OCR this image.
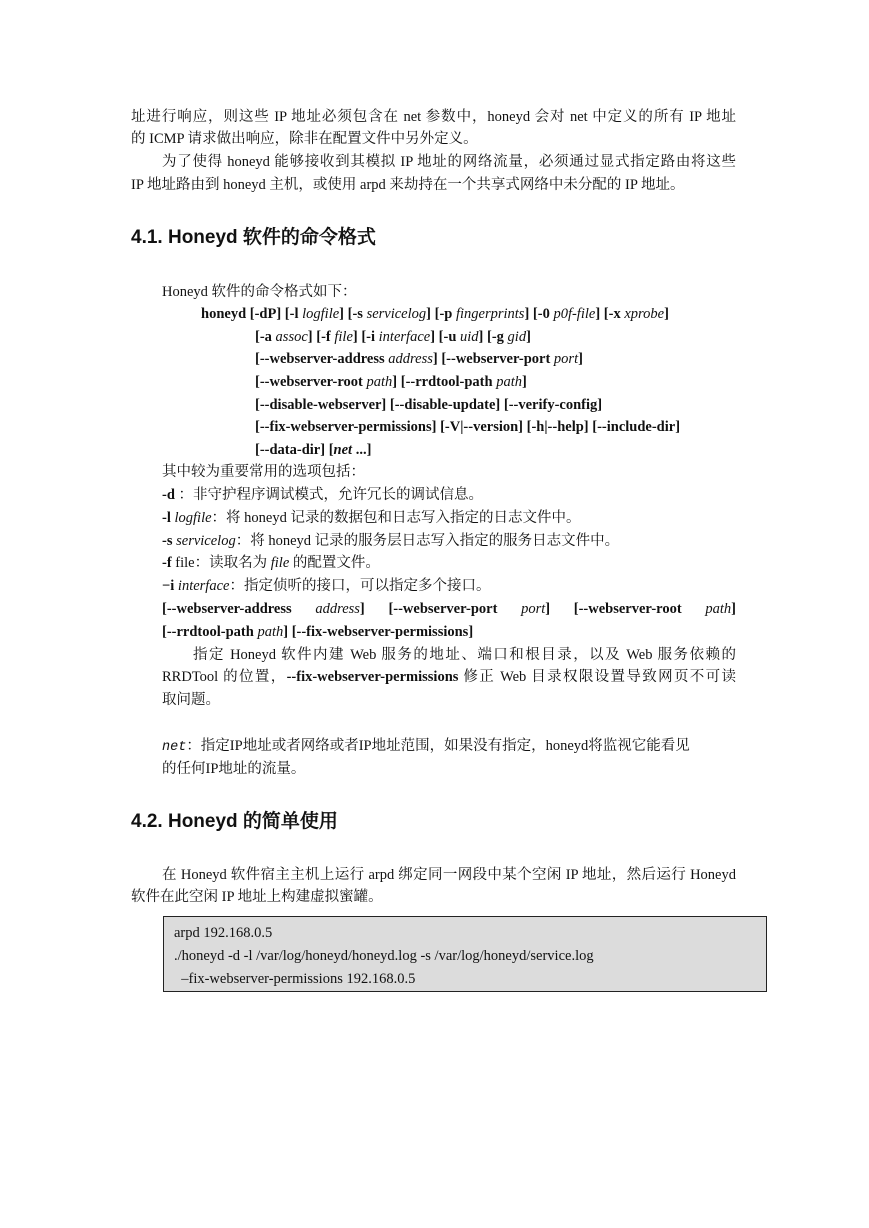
址进行响应，则这些 IP 地址必须包含在 net 参数中，honeyd 会对 net 中定义的所有 IP 地址
的 ICMP 请求做出响应，除非在配置文件中另外定义。
为了使得 honeyd 能够接收到其模拟 IP 地址的网络流量，必须通过显式指定路由将这些
IP 地址路由到 honeyd 主机，或使用 arpd 来劫持在一个共享式网络中未分配的 IP 地址。
4.1. Honeyd 软件的命令格式
Honeyd 软件的命令格式如下：
honeyd [-dP] [-l logfile] [-s servicelog] [-p fingerprints] [-0 p0f-file] [-x xprobe]
[-a assoc] [-f file] [-i interface] [-u uid] [-g gid]
[--webserver-address address] [--webserver-port port]
[--webserver-root path] [--rrdtool-path path]
[--disable-webserver] [--disable-update] [--verify-config]
[--fix-webserver-permissions] [-V|--version] [-h|--help] [--include-dir]
[--data-dir] [net ...]
其中较为重要常用的选项包括：
-d ：非守护程序调试模式，允许冗长的调试信息。
-l logfile：将 honeyd 记录的数据包和日志写入指定的日志文件中。
-s servicelog：将 honeyd 记录的服务层日志写入指定的服务日志文件中。
-f file：读取名为 file 的配置文件。
−i interface：指定侦听的接口，可以指定多个接口。
[--webserver-address address] [--webserver-port port] [--webserver-root path]
[--rrdtool-path path] [--fix-webserver-permissions]
指定 Honeyd 软件内建 Web 服务的地址、端口和根目录，以及 Web 服务依赖的
RRDTool 的位置，--fix-webserver-permissions 修正 Web 目录权限设置导致网页不可读
取问题。
net：指定IP地址或者网络或者IP地址范围，如果没有指定，honeyd将监视它能看见
的任何IP地址的流量。
4.2. Honeyd 的简单使用
在 Honeyd 软件宿主主机上运行 arpd 绑定同一网段中某个空闲 IP 地址，然后运行 Honeyd
软件在此空闲 IP 地址上构建虚拟蜜罐。
arpd 192.168.0.5
./honeyd -d -l /var/log/honeyd/honeyd.log -s /var/log/honeyd/service.log
–fix-webserver-permissions 192.168.0.5
